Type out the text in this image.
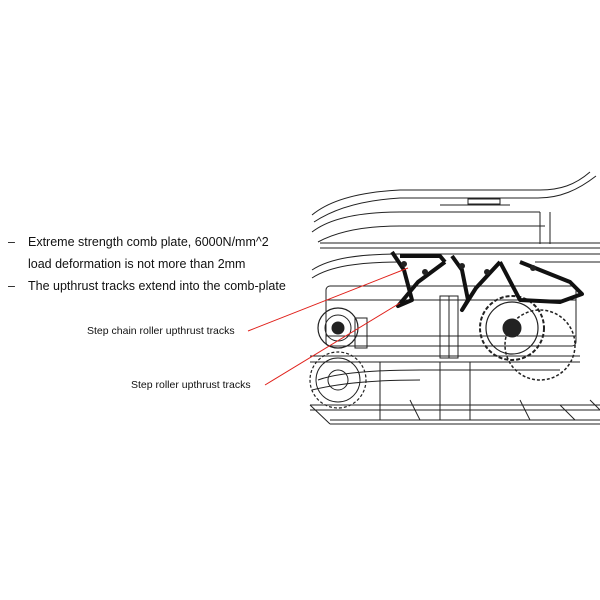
–	Extreme strength comb plate, 6000N/mm^2
load deformation is not more than 2mm
–	The upthrust tracks extend into the comb-plate
Step chain roller upthrust tracks
Step roller upthrust tracks
